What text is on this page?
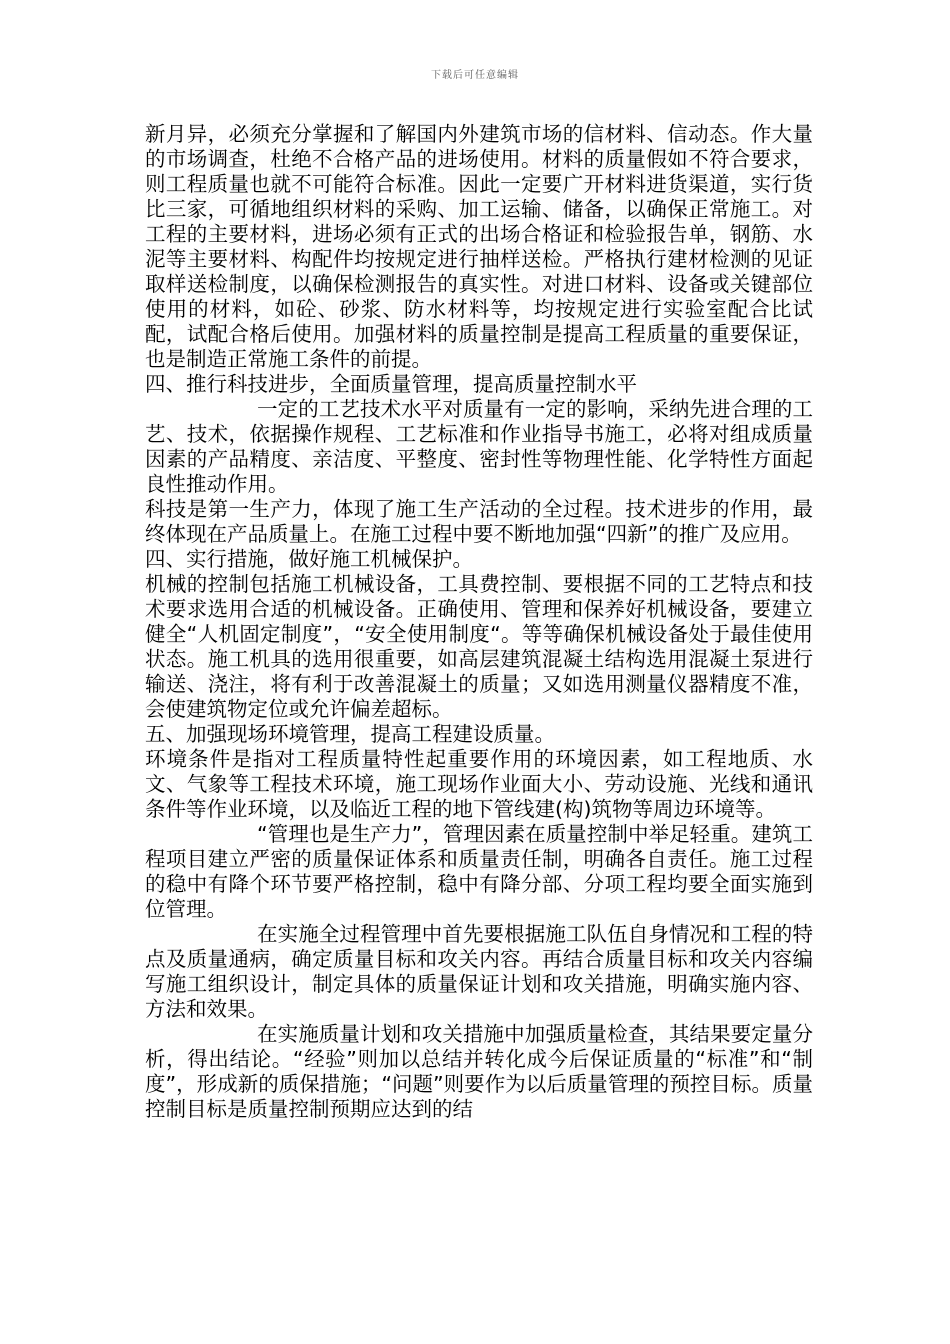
下载后可任意编辑

新月异，必须充分掌握和了解国内外建筑市场的信材料、信动态。作大量的市场调查，杜绝不合格产品的进场使用。材料的质量假如不符合要求，则工程质量也就不可能符合标准。因此一定要广开材料进货渠道，实行货比三家，可循地组织材料的采购、加工运输、储备，以确保正常施工。对工程的主要材料，进场必须有正式的出场合格证和检验报告单，钢筋、水泥等主要材料、构配件均按规定进行抽样送检。严格执行建材检测的见证取样送检制度，以确保检测报告的真实性。对进口材料、设备或关键部位使用的材料，如砼、砂浆、防水材料等，均按规定进行实验室配合比试配，试配合格后使用。加强材料的质量控制是提高工程质量的重要保证，也是制造正常施工条件的前提。

四、推行科技进步，全面质量管理，提高质量控制水平

一定的工艺技术水平对质量有一定的影响，采纳先进合理的工艺、技术，依据操作规程、工艺标准和作业指导书施工，必将对组成质量因素的产品精度、亲洁度、平整度、密封性等物理性能、化学特性方面起良性推动作用。

科技是第一生产力，体现了施工生产活动的全过程。技术进步的作用，最终体现在产品质量上。在施工过程中要不断地加强“四新”的推广及应用。

四、实行措施，做好施工机械保护。

机械的控制包括施工机械设备，工具费控制、要根据不同的工艺特点和技术要求选用合适的机械设备。正确使用、管理和保养好机械设备，要建立健全“人机固定制度”，“安全使用制度“。等等确保机械设备处于最佳使用状态。施工机具的选用很重要，如高层建筑混凝土结构选用混凝土泵进行输送、浇注，将有利于改善混凝土的质量；又如选用测量仪器精度不准，会使建筑物定位或允许偏差超标。

五、加强现场环境管理，提高工程建设质量。

环境条件是指对工程质量特性起重要作用的环境因素，如工程地质、水文、气象等工程技术环境，施工现场作业面大小、劳动设施、光线和通讯条件等作业环境，以及临近工程的地下管线建(构)筑物等周边环境等。

“管理也是生产力”，管理因素在质量控制中举足轻重。建筑工程项目建立严密的质量保证体系和质量责任制，明确各自责任。施工过程的稳中有降个环节要严格控制，稳中有降分部、分项工程均要全面实施到位管理。

在实施全过程管理中首先要根据施工队伍自身情况和工程的特点及质量通病，确定质量目标和攻关内容。再结合质量目标和攻关内容编写施工组织设计，制定具体的质量保证计划和攻关措施，明确实施内容、方法和效果。

在实施质量计划和攻关措施中加强质量检查，其结果要定量分析，得出结论。“经验”则加以总结并转化成今后保证质量的“标准”和“制度”，形成新的质保措施；“问题”则要作为以后质量管理的预控目标。质量控制目标是质量控制预期应达到的结
